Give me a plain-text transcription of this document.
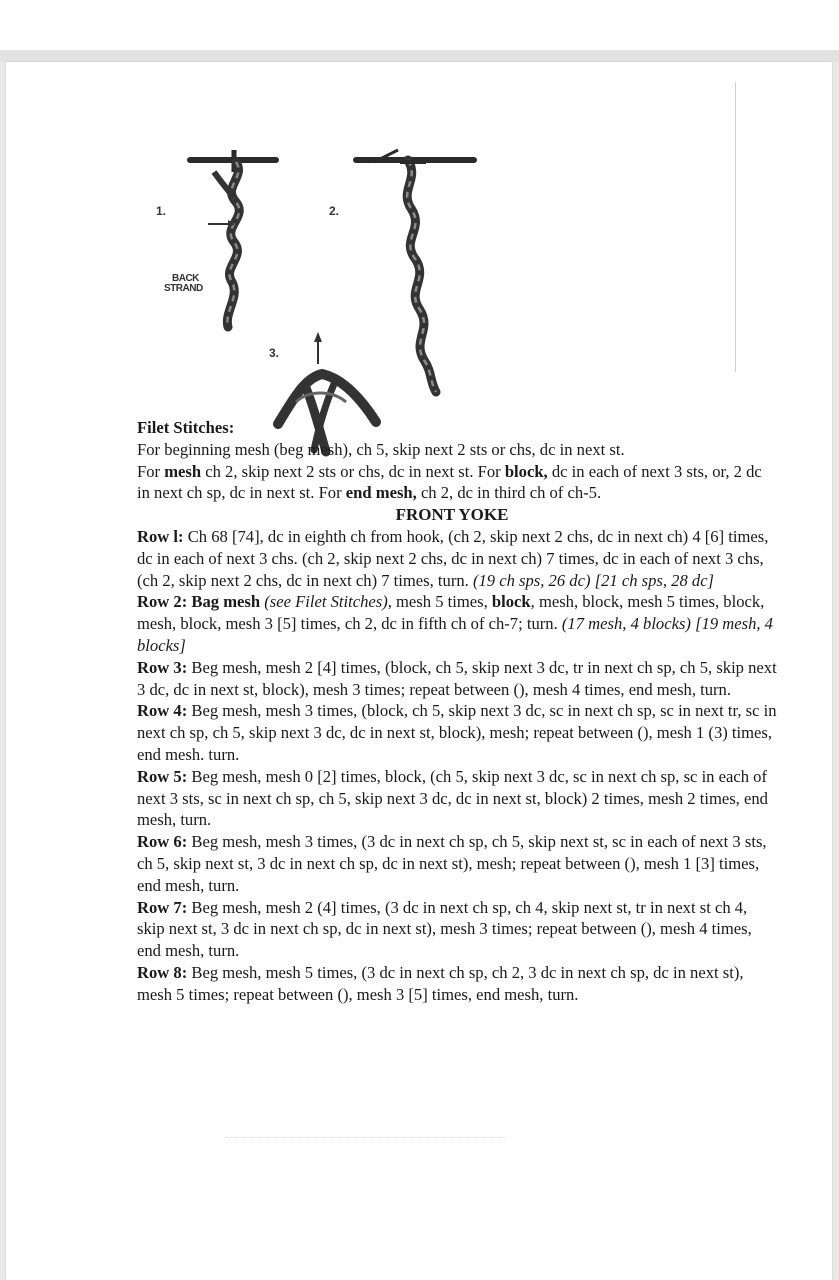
1.	2.
3.
BACK
STRAND

Filet Stitches:

For beginning mesh (beg mesh), ch 5, skip next 2 sts or chs, dc in next st.

For mesh ch 2, skip next 2 sts or chs, dc in next st. For block, dc in each of next 3 sts, or, 2 dc in next ch sp, dc in next st. For end mesh, ch 2, dc in third ch of ch-5.

FRONT YOKE

Row l: Ch 68 [74], dc in eighth ch from hook, (ch 2, skip next 2 chs, dc in next ch) 4 [6] times, dc in each of next 3 chs. (ch 2, skip next 2 chs, dc in next ch) 7 times, dc in each of next 3 chs, (ch 2, skip next 2 chs, dc in next ch) 7 times, turn. (19 ch sps, 26 dc) [21 ch sps, 28 dc]

Row 2: Bag mesh (see Filet Stitches), mesh 5 times, block, mesh, block, mesh 5 times, block, mesh, block, mesh 3 [5] times, ch 2, dc in fifth ch of ch-7; turn. (17 mesh, 4 blocks) [19 mesh, 4 blocks]

Row 3: Beg mesh, mesh 2 [4] times, (block, ch 5, skip next 3 dc, tr in next ch sp, ch 5, skip next 3 dc, dc in next st, block), mesh 3 times; repeat between (), mesh 4 times, end mesh, turn.

Row 4: Beg mesh, mesh 3 times, (block, ch 5, skip next 3 dc, sc in next ch sp, sc in next tr, sc in next ch sp, ch 5, skip next 3 dc, dc in next st, block), mesh; repeat between (), mesh 1 (3) times, end mesh. turn.

Row 5: Beg mesh, mesh 0 [2] times, block, (ch 5, skip next 3 dc, sc in next ch sp, sc in each of next 3 sts, sc in next ch sp, ch 5, skip next 3 dc, dc in next st, block) 2 times, mesh 2 times, end mesh, turn.

Row 6: Beg mesh, mesh 3 times, (3 dc in next ch sp, ch 5, skip next st, sc in each of next 3 sts, ch 5, skip next st, 3 dc in next ch sp, dc in next st), mesh; repeat between (), mesh 1 [3] times, end mesh, turn.

Row 7: Beg mesh, mesh 2 (4] times, (3 dc in next ch sp, ch 4, skip next st, tr in next st ch 4, skip next st, 3 dc in next ch sp, dc in next st), mesh 3 times; repeat between (), mesh 4 times, end mesh, turn.

Row 8: Beg mesh, mesh 5 times, (3 dc in next ch sp, ch 2, 3 dc in next ch sp, dc in next st), mesh 5 times; repeat between (), mesh 3 [5] times, end mesh, turn.
